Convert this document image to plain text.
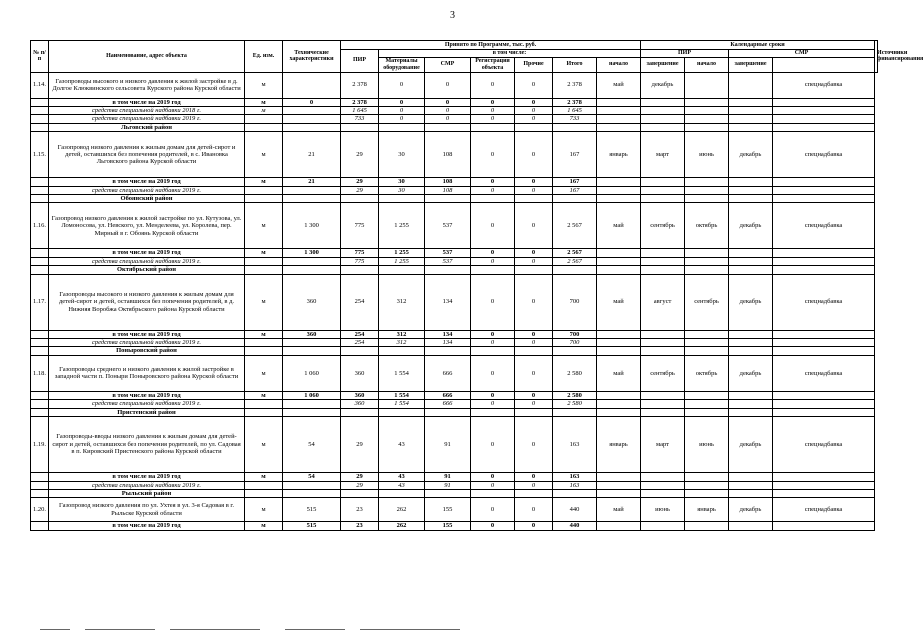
3
№ п/п	Наименование, адрес объекта	Ед. изм.	Технические характеристики	Принято по Программе, тыс. руб.							Календарные сроки				Источники финансирования
				ПИР	в том числе:						ПИР		СМР		
					Материалы оборудование	СМР	Регистрация объекта	Прочие	Итого	начало	завершение	начало	завершение		
1.14.	Газопроводы высокого и низкого давления к жилой застройке в д. Долгое Клюквинского сельсовета Курского района Курской области	м		2 378	0	0	0	0	2 378	май	декабрь			спецнадбавка	
	в том числе на 2019 год	м	0	2 378	0	0	0	0	2 378						
	средства специальной надбавки 2018 г.	м		1 645	0	0	0	0	1 645						
	средства специальной надбавки 2019 г.			733	0	0	0	0	733						
	Льговский район														
1.15.	Газопровод низкого давления к жилым домам для детей-сирот и детей, оставшихся без попечения родителей, в с. Ивановка Льговского района Курской области	м	21	29	30	108	0	0	167	январь	март	июнь	декабрь	спецнадбавка	
	в том числе на 2019 год	м	21	29	30	108	0	0	167						
	средства специальной надбавки 2019 г.			29	30	108	0	0	167						
	Обоянский район														
1.16.	Газопровод низкого давления к жилой застройке по ул. Кутузова, ул. Ломоносова, ул. Невского, ул. Менделеева, ул. Королева, пер. Мирный в г. Обоянь Курской области	м	1 300	775	1 255	537	0	0	2 567	май	сентябрь	октябрь	декабрь	спецнадбавка	
	в том числе на 2019 год	м	1 300	775	1 255	537	0	0	2 567						
	средства специальной надбавки 2019 г.			775	1 255	537	0	0	2 567						
	Октябрьский район														
1.17.	Газопроводы высокого и низкого давления к жилым домам для детей-сирот и детей, оставшихся без попечения родителей, в д. Нижняя Воробжа Октябрьского района Курской области	м	360	254	312	134	0	0	700	май	август	сентябрь	декабрь	спецнадбавка	
	в том числе на 2019 год	м	360	254	312	134	0	0	700						
	средства специальной надбавки 2019 г.			254	312	134	0	0	700						
	Поныровский район														
1.18.	Газопроводы среднего и низкого давления к жилой застройке в западной части п. Поныри Поныровского района Курской области	м	1 060	360	1 554	666	0	0	2 580	май	сентябрь	октябрь	декабрь	спецнадбавка	
	в том числе на 2019 год	м	1 060	360	1 554	666	0	0	2 580						
	средства специальной надбавки 2019 г.			360	1 554	666	0	0	2 580						
	Пристенский район														
1.19.	Газопроводы-вводы низкого давления к жилым домам для детей-сирот и детей, оставшихся без попечения родителей, по ул. Садовая в п. Кировский Пристенского района Курской области	м	54	29	43	91	0	0	163	январь	март	июнь	декабрь	спецнадбавка	
	в том числе на 2019 год	м	54	29	43	91	0	0	163						
	средства специальной надбавки 2019 г.			29	43	91	0	0	163						
	Рыльский район														
1.20.	Газопровод низкого давления по ул. Ухтея в ул. 3-я Садовая в г. Рыльске Курской области	м	515	23	262	155	0	0	440	май	июнь	январь	декабрь	спецнадбавка	
	в том числе на 2019 год	м	515	23	262	155	0	0	440						
